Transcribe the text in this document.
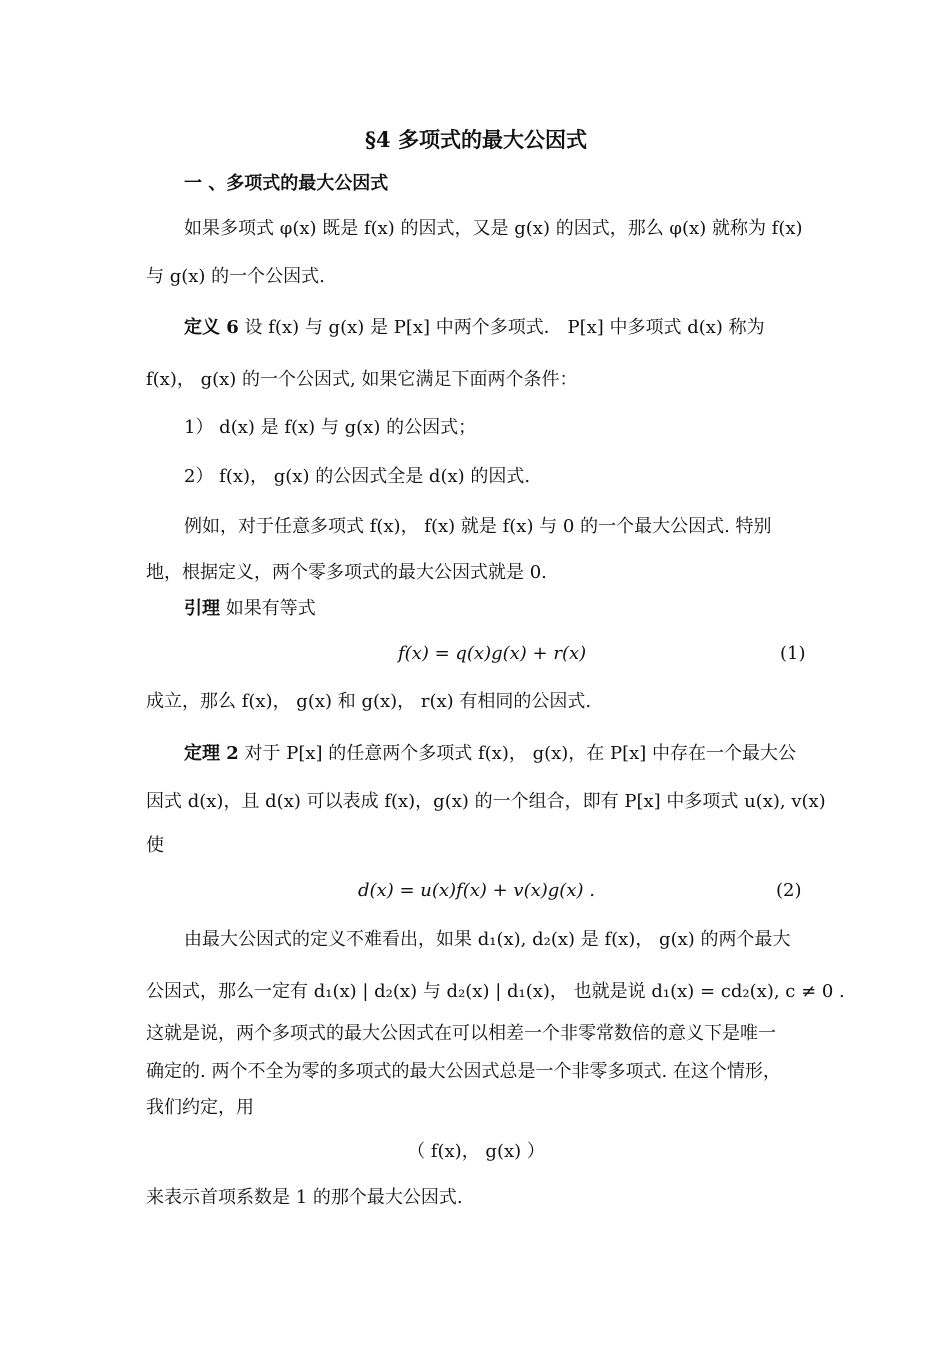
§4 多项式的最大公因式
一 、多项式的最大公因式
如果多项式 φ(x) 既是 f(x) 的因式，又是 g(x) 的因式，那么 φ(x) 就称为 f(x)
与 g(x) 的一个公因式.
定义 6 设 f(x) 与 g(x) 是 P[x] 中两个多项式． P[x] 中多项式 d(x) 称为
f(x)， g(x) 的一个公因式, 如果它满足下面两个条件：
1） d(x) 是 f(x) 与 g(x) 的公因式；
2） f(x)， g(x) 的公因式全是 d(x) 的因式.
例如，对于任意多项式 f(x)， f(x) 就是 f(x) 与 0 的一个最大公因式. 特别
地，根据定义，两个零多项式的最大公因式就是 0.
引理 如果有等式
f(x) = q(x)g(x) + r(x)	(1)
成立，那么 f(x)， g(x) 和 g(x)， r(x) 有相同的公因式.
定理 2 对于 P[x] 的任意两个多项式 f(x)， g(x)，在 P[x] 中存在一个最大公
因式 d(x)，且 d(x) 可以表成 f(x)，g(x) 的一个组合，即有 P[x] 中多项式 u(x), v(x)
使
d(x) = u(x)f(x) + v(x)g(x) .	(2)
由最大公因式的定义不难看出，如果 d₁(x), d₂(x) 是 f(x)， g(x) 的两个最大
公因式，那么一定有 d₁(x) | d₂(x) 与 d₂(x) | d₁(x)， 也就是说 d₁(x) = cd₂(x), c ≠ 0 .
这就是说，两个多项式的最大公因式在可以相差一个非零常数倍的意义下是唯一
确定的. 两个不全为零的多项式的最大公因式总是一个非零多项式. 在这个情形，
我们约定，用
（ f(x)， g(x) ）
来表示首项系数是 1 的那个最大公因式.
